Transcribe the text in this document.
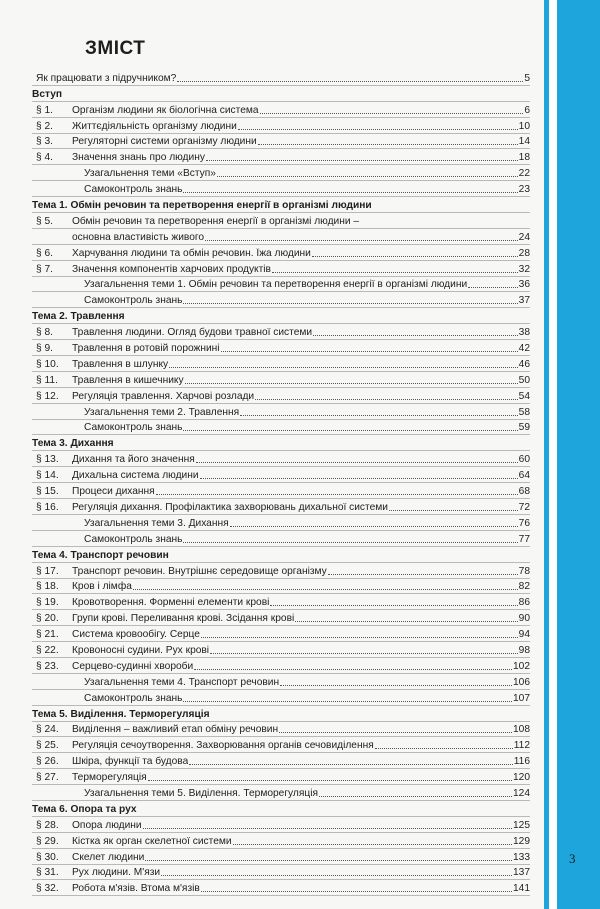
ЗМІСТ
Як працювати з підручником?	5
Вступ
§ 1.	Організм людини як біологічна система	6
§ 2.	Життєдіяльність організму людини	10
§ 3.	Регуляторні системи організму людини	14
§ 4.	Значення знань про людину	18
Узагальнення теми «Вступ»	22
Самоконтроль знань	23
Тема 1. Обмін речовин та перетворення енергії в організмі людини
§ 5.	Обмін речовин та перетворення енергії в організмі людини –
основна властивість живого	24
§ 6.	Харчування людини та обмін речовин. Їжа людини	28
§ 7.	Значення компонентів харчових продуктів	32
Узагальнення теми 1. Обмін речовин та перетворення енергії в організмі людини	36
Самоконтроль знань	37
Тема 2. Травлення
§ 8.	Травлення людини. Огляд будови травної системи	38
§ 9.	Травлення в ротовій порожнині	42
§ 10.	Травлення в шлунку	46
§ 11.	Травлення в кишечнику	50
§ 12.	Регуляція травлення. Харчові розлади	54
Узагальнення теми 2. Травлення	58
Самоконтроль знань	59
Тема 3. Дихання
§ 13.	Дихання та його значення	60
§ 14.	Дихальна система людини	64
§ 15.	Процеси дихання	68
§ 16.	Регуляція дихання. Профілактика захворювань дихальної системи	72
Узагальнення теми 3. Дихання	76
Самоконтроль знань	77
Тема 4. Транспорт речовин
§ 17.	Транспорт речовин. Внутрішнє середовище організму	78
§ 18.	Кров і лімфа	82
§ 19.	Кровотворення. Форменні елементи крові	86
§ 20.	Групи крові. Переливання крові. Зсідання крові	90
§ 21.	Система кровообігу. Серце	94
§ 22.	Кровоносні судини. Рух крові	98
§ 23.	Серцево-судинні хвороби	102
Узагальнення теми 4. Транспорт речовин	106
Самоконтроль знань	107
Тема 5. Виділення. Терморегуляція
§ 24.	Виділення – важливий етап обміну речовин	108
§ 25.	Регуляція сечоутворення. Захворювання органів сечовиділення	112
§ 26.	Шкіра, функції та будова	116
§ 27.	Терморегуляція	120
Узагальнення теми 5. Виділення. Терморегуляція	124
Тема 6. Опора та рух
§ 28.	Опора людини	125
§ 29.	Кістка як орган скелетної системи	129
§ 30.	Скелет людини	133
§ 31.	Рух людини. М'язи	137
§ 32.	Робота м'язів. Втома м'язів	141
3
